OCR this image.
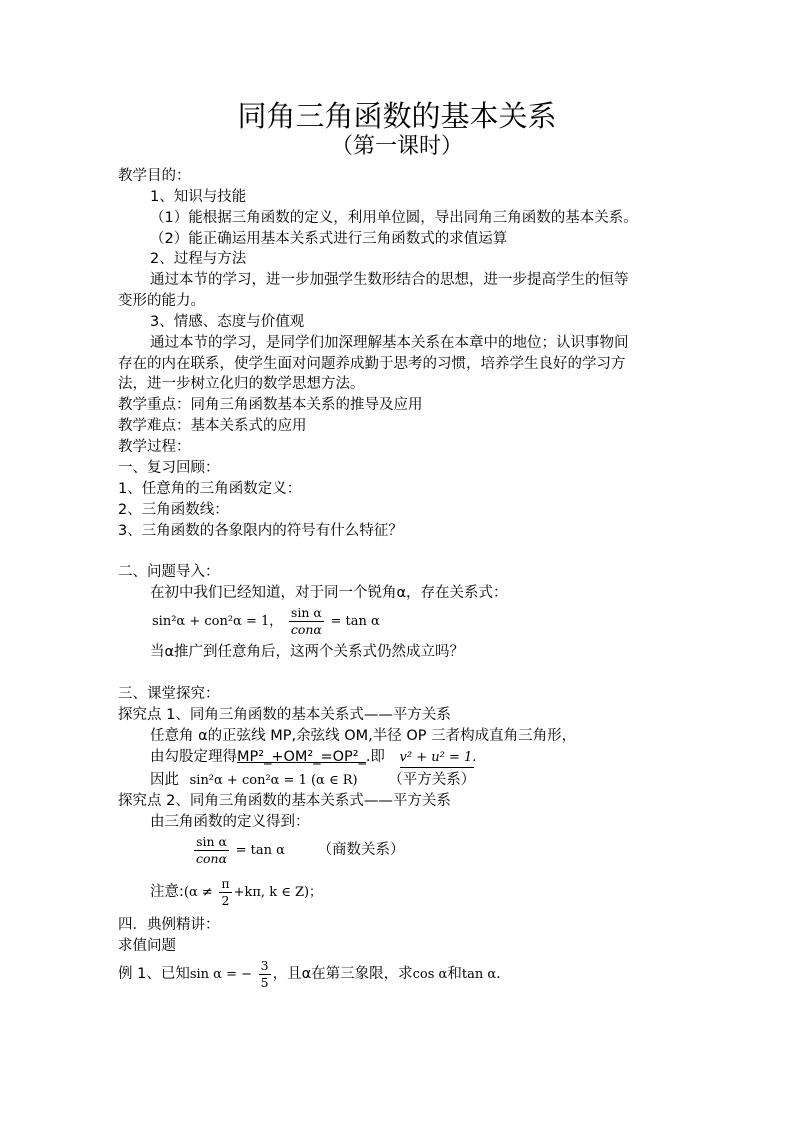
同角三角函数的基本关系
（第一课时）
教学目的：
1、知识与技能
（1）能根据三角函数的定义，利用单位圆，导出同角三角函数的基本关系。
（2）能正确运用基本关系式进行三角函数式的求值运算
2、过程与方法
通过本节的学习，进一步加强学生数形结合的思想，进一步提高学生的恒等
变形的能力。
3、情感、态度与价值观
通过本节的学习，是同学们加深理解基本关系在本章中的地位；认识事物间
存在的内在联系，使学生面对问题养成勤于思考的习惯，培养学生良好的学习方
法，进一步树立化归的数学思想方法。
教学重点：同角三角函数基本关系的推导及应用
教学难点：基本关系式的应用
教学过程：
一、复习回顾：
1、任意角的三角函数定义：
2、三角函数线：
3、三角函数的各象限内的符号有什么特征？
二、问题导入：
在初中我们已经知道，对于同一个锐角α，存在关系式：
sin²α + con²α = 1， $\frac{\text{sin α}}{\text{conα}} = \tan \alpha$
当α推广到任意角后，这两个关系式仍然成立吗？
三、课堂探究：
探究点 1、同角三角函数的基本关系式——平方关系
任意角 α的正弦线 MP,余弦线 OM,半径 OP 三者构成直角三角形，
由勾股定理得MP²_+OM²_=OP²_.即 v² + u² = 1.
因此 sin²α + con²α = 1 (α ∈ R) （平方关系）
探究点 2、同角三角函数的基本关系式——平方关系
由三角函数的定义得到：
$\frac{\text{sin α}}{\text{conα}} = \tan \alpha$ （商数关系）
注意:(α ≠ $\frac{\pi}{2} +k\pi$, k ∈ Z)；
四．典例精讲：
求值问题
例 1、已知sin α = − $\frac{3}{5}$ ，且α在第三象限，求cos α和tan α.
